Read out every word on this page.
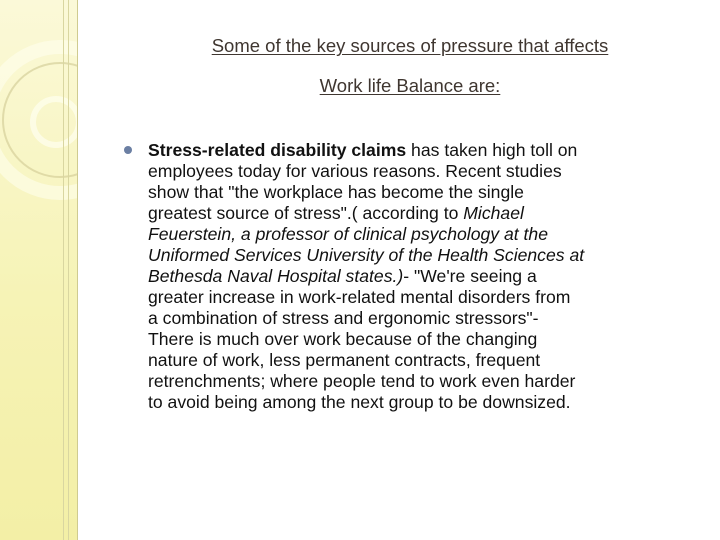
Some of the key sources of pressure that affects
Work life Balance are:
Stress-related disability claims has taken high toll on
employees today for various reasons. Recent studies
show that "the workplace has become the single
greatest source of stress".( according to Michael
Feuerstein, a professor of clinical psychology at the
Uniformed Services University of the Health Sciences at
Bethesda Naval Hospital states.)- "We're seeing a
greater increase in work-related mental disorders from
a combination of stress and ergonomic stressors"-
There is much over work because of the changing
nature of work, less permanent contracts, frequent
retrenchments; where people tend to work even harder
to avoid being among the next group to be downsized.
